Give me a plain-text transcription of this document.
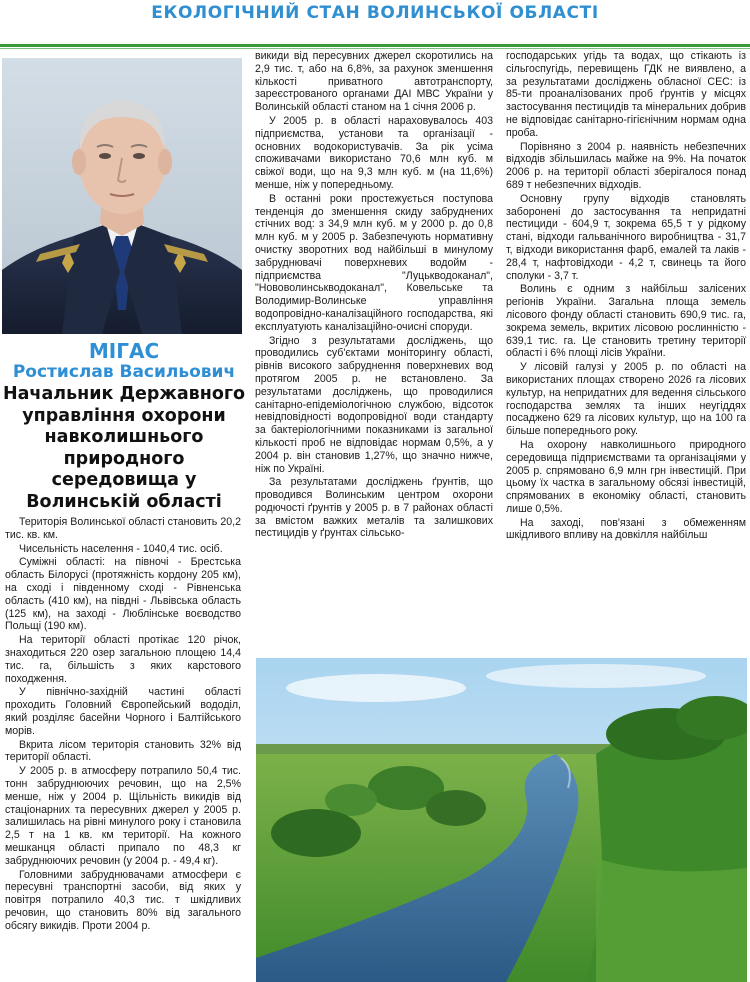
ЕКОЛОГІЧНИЙ СТАН ВОЛИНСЬКОЇ ОБЛАСТІ
МІГАС
Ростислав Васильович
Начальник Державного управління охорони навколишнього природного середовища у Волинській області

Територія Волинської області становить 20,2 тис. кв. км.

Чисельність населення - 1040,4 тис. осіб.

Суміжні області: на півночі - Брестська область Білорусі (протяжність кордону 205 км), на сході і південному сході - Рівненська область (410 км), на півдні - Львівська область (125 км), на заході - Люблінське воєводство Польщі (190 км).

На території області протікає 120 річок, знаходиться 220 озер загальною площею 14,4 тис. га, більшість з яких карстового походження.

У північно-західній частині області проходить Головний Європейський вододіл, який розділяє басейни Чорного і Балтійського морів.

Вкрита лісом територія становить 32% від території області.

У 2005 р. в атмосферу потрапило 50,4 тис. тонн забруднюючих речовин, що на 2,5% менше, ніж у 2004 р. Щільність викидів від стаціонарних та пересувних джерел у 2005 р. залишилась на рівні минулого року і становила 2,5 т на 1 кв. км території. На кожного мешканця області припало по 48,3 кг забруднюючих речовин (у 2004 р. - 49,4 кг).

Головними забруднювачами атмосфери є пересувні транспортні засоби, від яких у повітря потрапило 40,3 тис. т шкідливих речовин, що становить 80% від загального обсягу викидів. Проти 2004 р.

викиди від пересувних джерел скоротились на 2,9 тис. т, або на 6,8%, за рахунок зменшення кількості приватного автотранспорту, зареєстрованого органами ДАІ МВС України у Волинській області станом на 1 січня 2006 р.

У 2005 р. в області нараховувалось 403 підприємства, установи та організації - основних водокористувачів. За рік усіма споживачами використано 70,6 млн куб. м свіжої води, що на 9,3 млн куб. м (на 11,6%) менше, ніж у попередньому.

В останні роки простежується поступова тенденція до зменшення скиду забруднених стічних вод: з 34,9 млн куб. м у 2000 р. до 0,8 млн куб. м у 2005 р. Забезпечують нормативну очистку зворотних вод найбільші в минулому забруднювачі поверхневих водойм - підприємства "Луцькводоканал", "Нововолинськводоканал", Ковельське та Володимир-Волинське управління водопровідно-каналізаційного господарства, які експлуатують каналізаційно-очисні споруди.

Згідно з результатами досліджень, що проводились суб'єктами моніторингу області, рівнів високого забруднення поверхневих вод протягом 2005 р. не встановлено. За результатами досліджень, що проводилися санітарно-епідеміологічною службою, відсоток невідповідності водопровідної води стандарту за бактеріологічними показниками із загальної кількості проб не відповідає нормам 0,5%, а у 2004 р. він становив 1,27%, що значно нижче, ніж по Україні.

За результатами досліджень ґрунтів, що проводився Волинським центром охорони родючості ґрунтів у 2005 р. в 7 районах області за вмістом важких металів та залишкових пестицидів у ґрунтах сільсько-

господарських угідь та водах, що стікають із сільгоспугідь, перевищень ГДК не виявлено, а за результатами досліджень обласної СЕС: із 85-ти проаналізованих проб ґрунтів у місцях застосування пестицидів та мінеральних добрив не відповідає санітарно-гігієнічним нормам одна проба.

Порівняно з 2004 р. наявність небезпечних відходів збільшилась майже на 9%. На початок 2006 р. на території області зберігалося понад 689 т небезпечних відходів.

Основну групу відходів становлять заборонені до застосування та непридатні пестициди - 604,9 т, зокрема 65,5 т у рідкому стані, відходи гальванічного виробництва - 31,7 т, відходи використання фарб, емалей та лаків - 28,4 т, нафтовідходи - 4,2 т, свинець та його сполуки - 3,7 т.

Волинь є одним з найбільш залісених регіонів України. Загальна площа земель лісового фонду області становить 690,9 тис. га, зокрема земель, вкритих лісовою рослинністю - 639,1 тис. га. Це становить третину території області і 6% площі лісів України.

У лісовій галузі у 2005 р. по області на використаних площах створено 2026 га лісових культур, на непридатних для ведення сільського господарства землях та інших неугіддях посаджено 629 га лісових культур, що на 100 га більше попереднього року.

На охорону навколишнього природного середовища підприємствами та організаціями у 2005 р. спрямовано 6,9 млн грн інвестицій. При цьому їх частка в загальному обсязі інвестицій, спрямованих в економіку області, становить лише 0,5%.

На заході, пов'язані з обмеженням шкідливого впливу на довкілля найбільш
